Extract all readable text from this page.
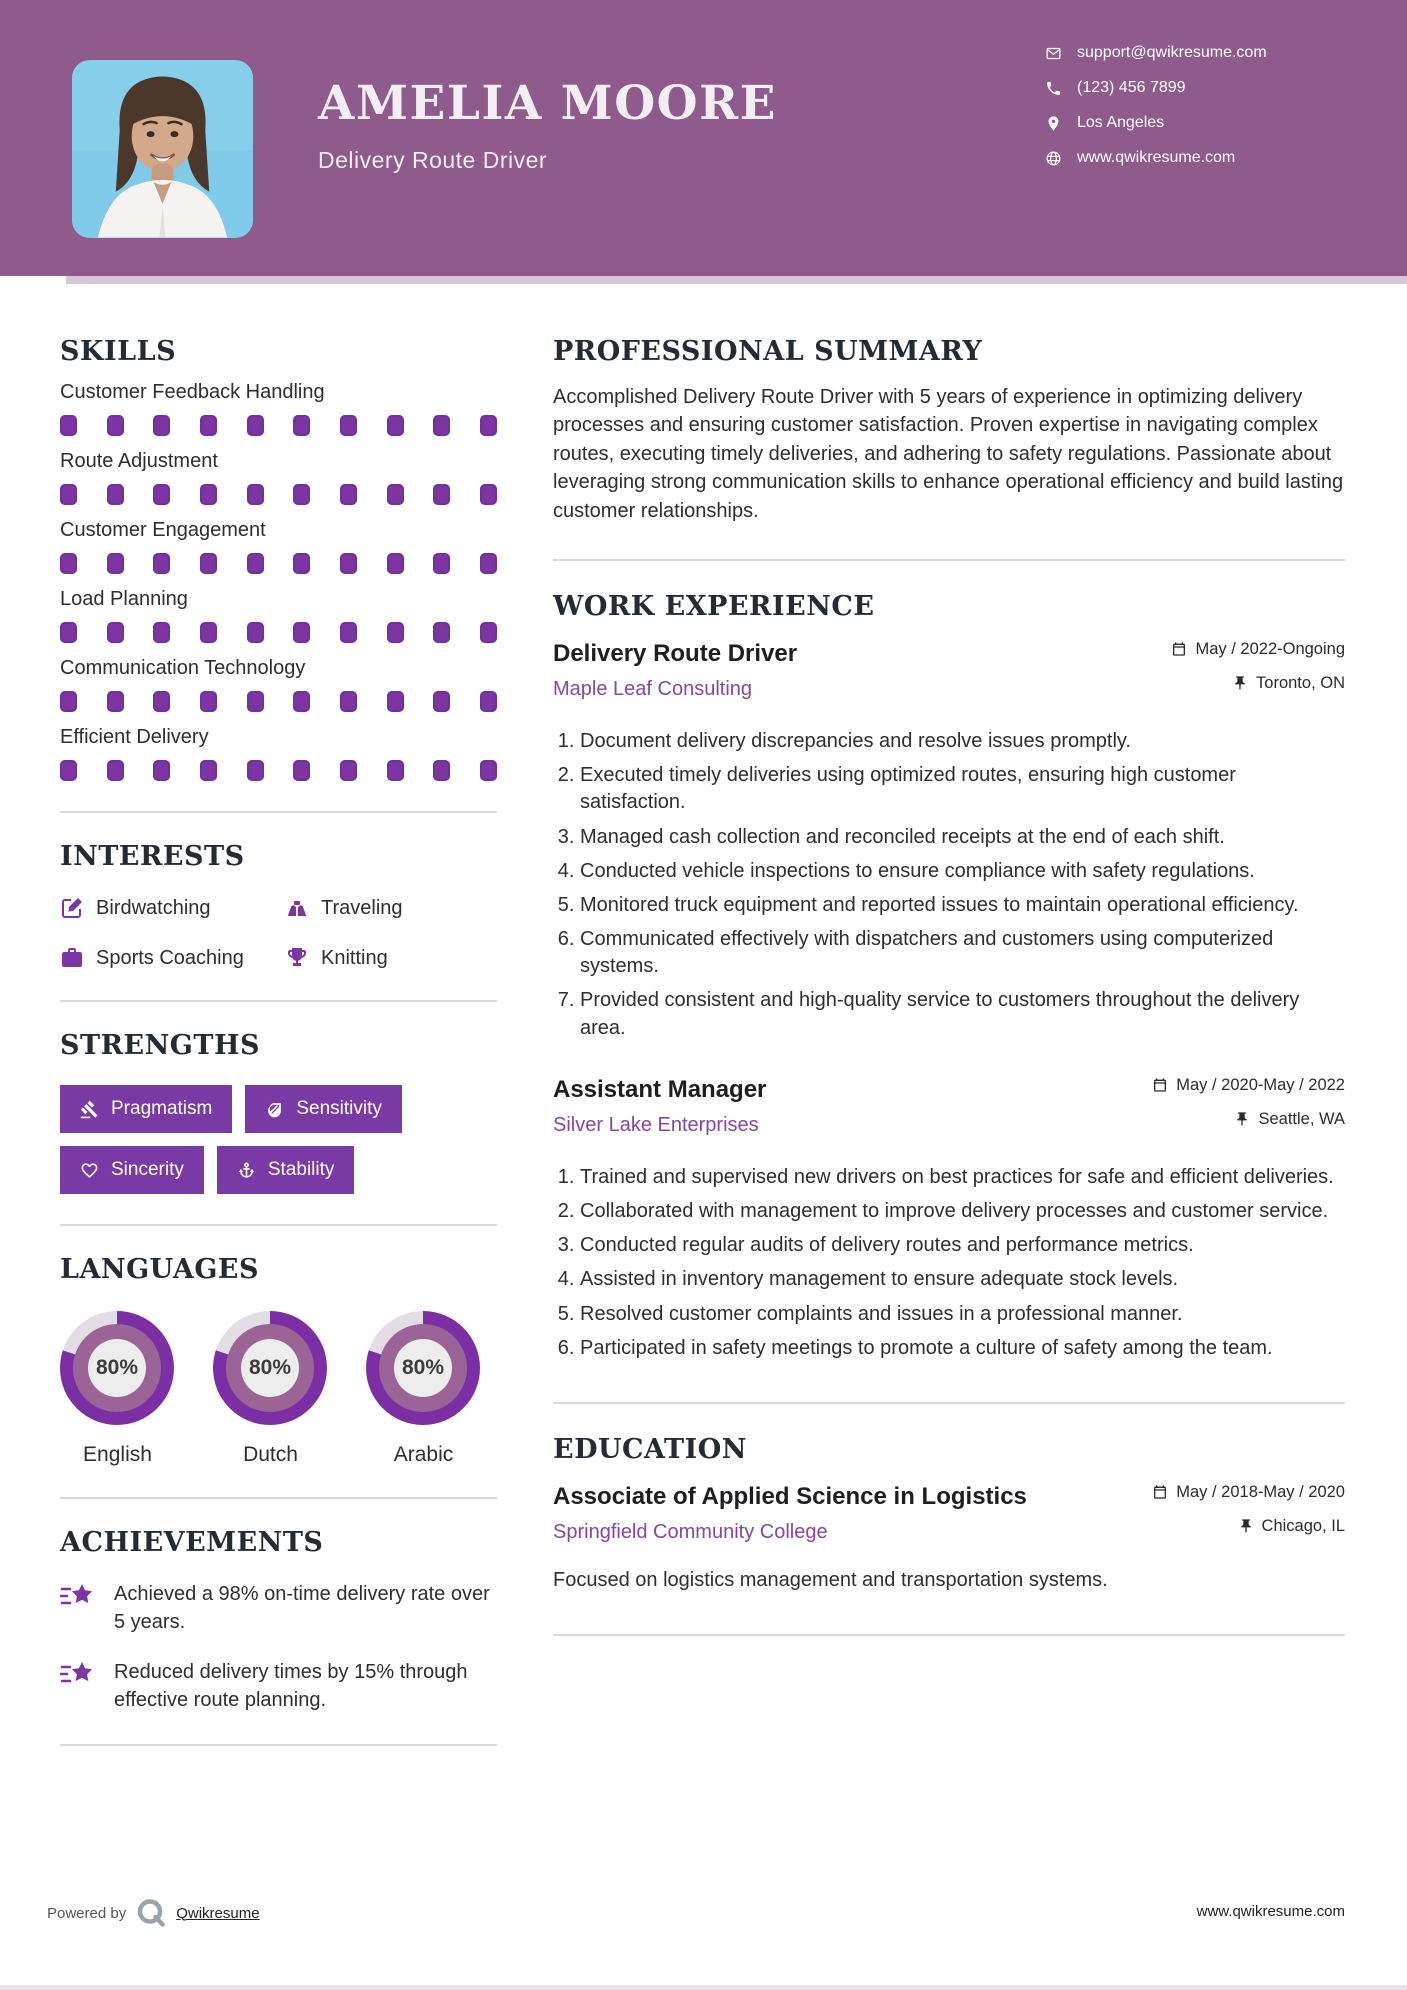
AMELIA MOORE
Delivery Route Driver
support@qwikresume.com
(123) 456 7899
Los Angeles
www.qwikresume.com
SKILLS
Customer Feedback Handling
Route Adjustment
Customer Engagement
Load Planning
Communication Technology
Efficient Delivery
INTERESTS
Birdwatching	Traveling
Sports Coaching	Knitting
STRENGTHS
Pragmatism	Sensitivity
Sincerity	Stability
LANGUAGES
80%
English
80%
Dutch
80%
Arabic
ACHIEVEMENTS
Achieved a 98% on-time delivery rate over 5 years.
Reduced delivery times by 15% through effective route planning.
PROFESSIONAL SUMMARY

Accomplished Delivery Route Driver with 5 years of experience in optimizing delivery processes and ensuring customer satisfaction. Proven expertise in navigating complex routes, executing timely deliveries, and adhering to safety regulations. Passionate about leveraging strong communication skills to enhance operational efficiency and build lasting customer relationships.

WORK EXPERIENCE
Delivery Route Driver
Maple Leaf Consulting
May / 2022-Ongoing
Toronto, ON
1. Document delivery discrepancies and resolve issues promptly.
2. Executed timely deliveries using optimized routes, ensuring high customer satisfaction.
3. Managed cash collection and reconciled receipts at the end of each shift.
4. Conducted vehicle inspections to ensure compliance with safety regulations.
5. Monitored truck equipment and reported issues to maintain operational efficiency.
6. Communicated effectively with dispatchers and customers using computerized systems.
7. Provided consistent and high-quality service to customers throughout the delivery area.
Assistant Manager
Silver Lake Enterprises
May / 2020-May / 2022
Seattle, WA
1. Trained and supervised new drivers on best practices for safe and efficient deliveries.
2. Collaborated with management to improve delivery processes and customer service.
3. Conducted regular audits of delivery routes and performance metrics.
4. Assisted in inventory management to ensure adequate stock levels.
5. Resolved customer complaints and issues in a professional manner.
6. Participated in safety meetings to promote a culture of safety among the team.
EDUCATION
Associate of Applied Science in Logistics
Springfield Community College
May / 2018-May / 2020
Chicago, IL

Focused on logistics management and transportation systems.

Powered by	Qwikresume	www.qwikresume.com
